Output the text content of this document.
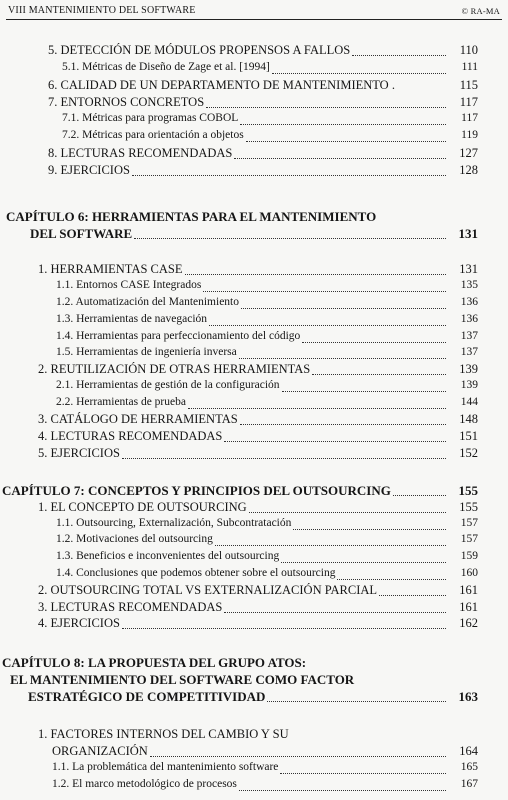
VIII MANTENIMIENTO DEL SOFTWARE	© RA-MA
5. DETECCIÓN DE MÓDULOS PROPENSOS A FALLOS	110
5.1. Métricas de Diseño de Zage et al. [1994]	111
6. CALIDAD DE UN DEPARTAMENTO DE MANTENIMIENTO .	115
7. ENTORNOS CONCRETOS	117
7.1. Métricas para programas COBOL	117
7.2. Métricas para orientación a objetos	119
8. LECTURAS RECOMENDADAS	127
9. EJERCICIOS	128
CAPÍTULO 6: HERRAMIENTAS PARA EL MANTENIMIENTO
DEL SOFTWARE	131
1. HERRAMIENTAS CASE	131
1.1. Entornos CASE Integrados	135
1.2. Automatización del Mantenimiento	136
1.3. Herramientas de navegación	136
1.4. Herramientas para perfeccionamiento del código	137
1.5. Herramientas de ingeniería inversa	137
2. REUTILIZACIÓN DE OTRAS HERRAMIENTAS	139
2.1. Herramientas de gestión de la configuración	139
2.2. Herramientas de prueba	144
3. CATÁLOGO DE HERRAMIENTAS	148
4. LECTURAS RECOMENDADAS	151
5. EJERCICIOS	152
CAPÍTULO 7: CONCEPTOS Y PRINCIPIOS DEL OUTSOURCING	155
1. EL CONCEPTO DE OUTSOURCING	155
1.1. Outsourcing, Externalización, Subcontratación	157
1.2. Motivaciones del outsourcing	157
1.3. Beneficios e inconvenientes del outsourcing	159
1.4. Conclusiones que podemos obtener sobre el outsourcing	160
2. OUTSOURCING TOTAL VS EXTERNALIZACIÓN PARCIAL	161
3. LECTURAS RECOMENDADAS	161
4. EJERCICIOS	162
CAPÍTULO 8: LA PROPUESTA DEL GRUPO ATOS:
EL MANTENIMIENTO DEL SOFTWARE COMO FACTOR
ESTRATÉGICO DE COMPETITIVIDAD	163
1. FACTORES INTERNOS DEL CAMBIO Y SU
ORGANIZACIÓN	164
1.1. La problemática del mantenimiento software	165
1.2. El marco metodológico de procesos	167
